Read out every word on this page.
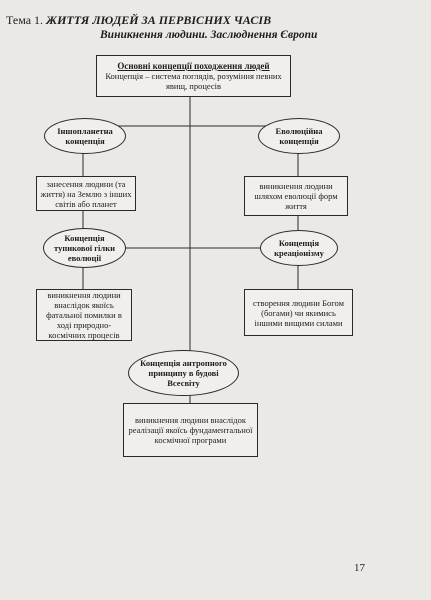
Тема 1. ЖИТТЯ ЛЮДЕЙ ЗА ПЕРВІСНИХ ЧАСІВ
Виникнення людини. Заслюднення Європи
Основні концепції походження людей
Концепція – система поглядів, розуміння певних явищ, процесів
Іншопланетна концепція
Еволюційна концепція
занесення людини (та життя) на Землю з інших світів або планет
виникнення людини шляхом еволюції форм життя
Концепція тупикової гілки еволюції
Концепція креаціонізму
виникнення людини внаслідок якоїсь фатальної помилки в ході природно-космічних процесів
створення людини Богом (богами) чи якимись іншими вищими силами
Концепція антропного принципу в будові Всесвіту
виникнення людини внаслідок реалізації якоїсь фундаментальної космічної програми
17
